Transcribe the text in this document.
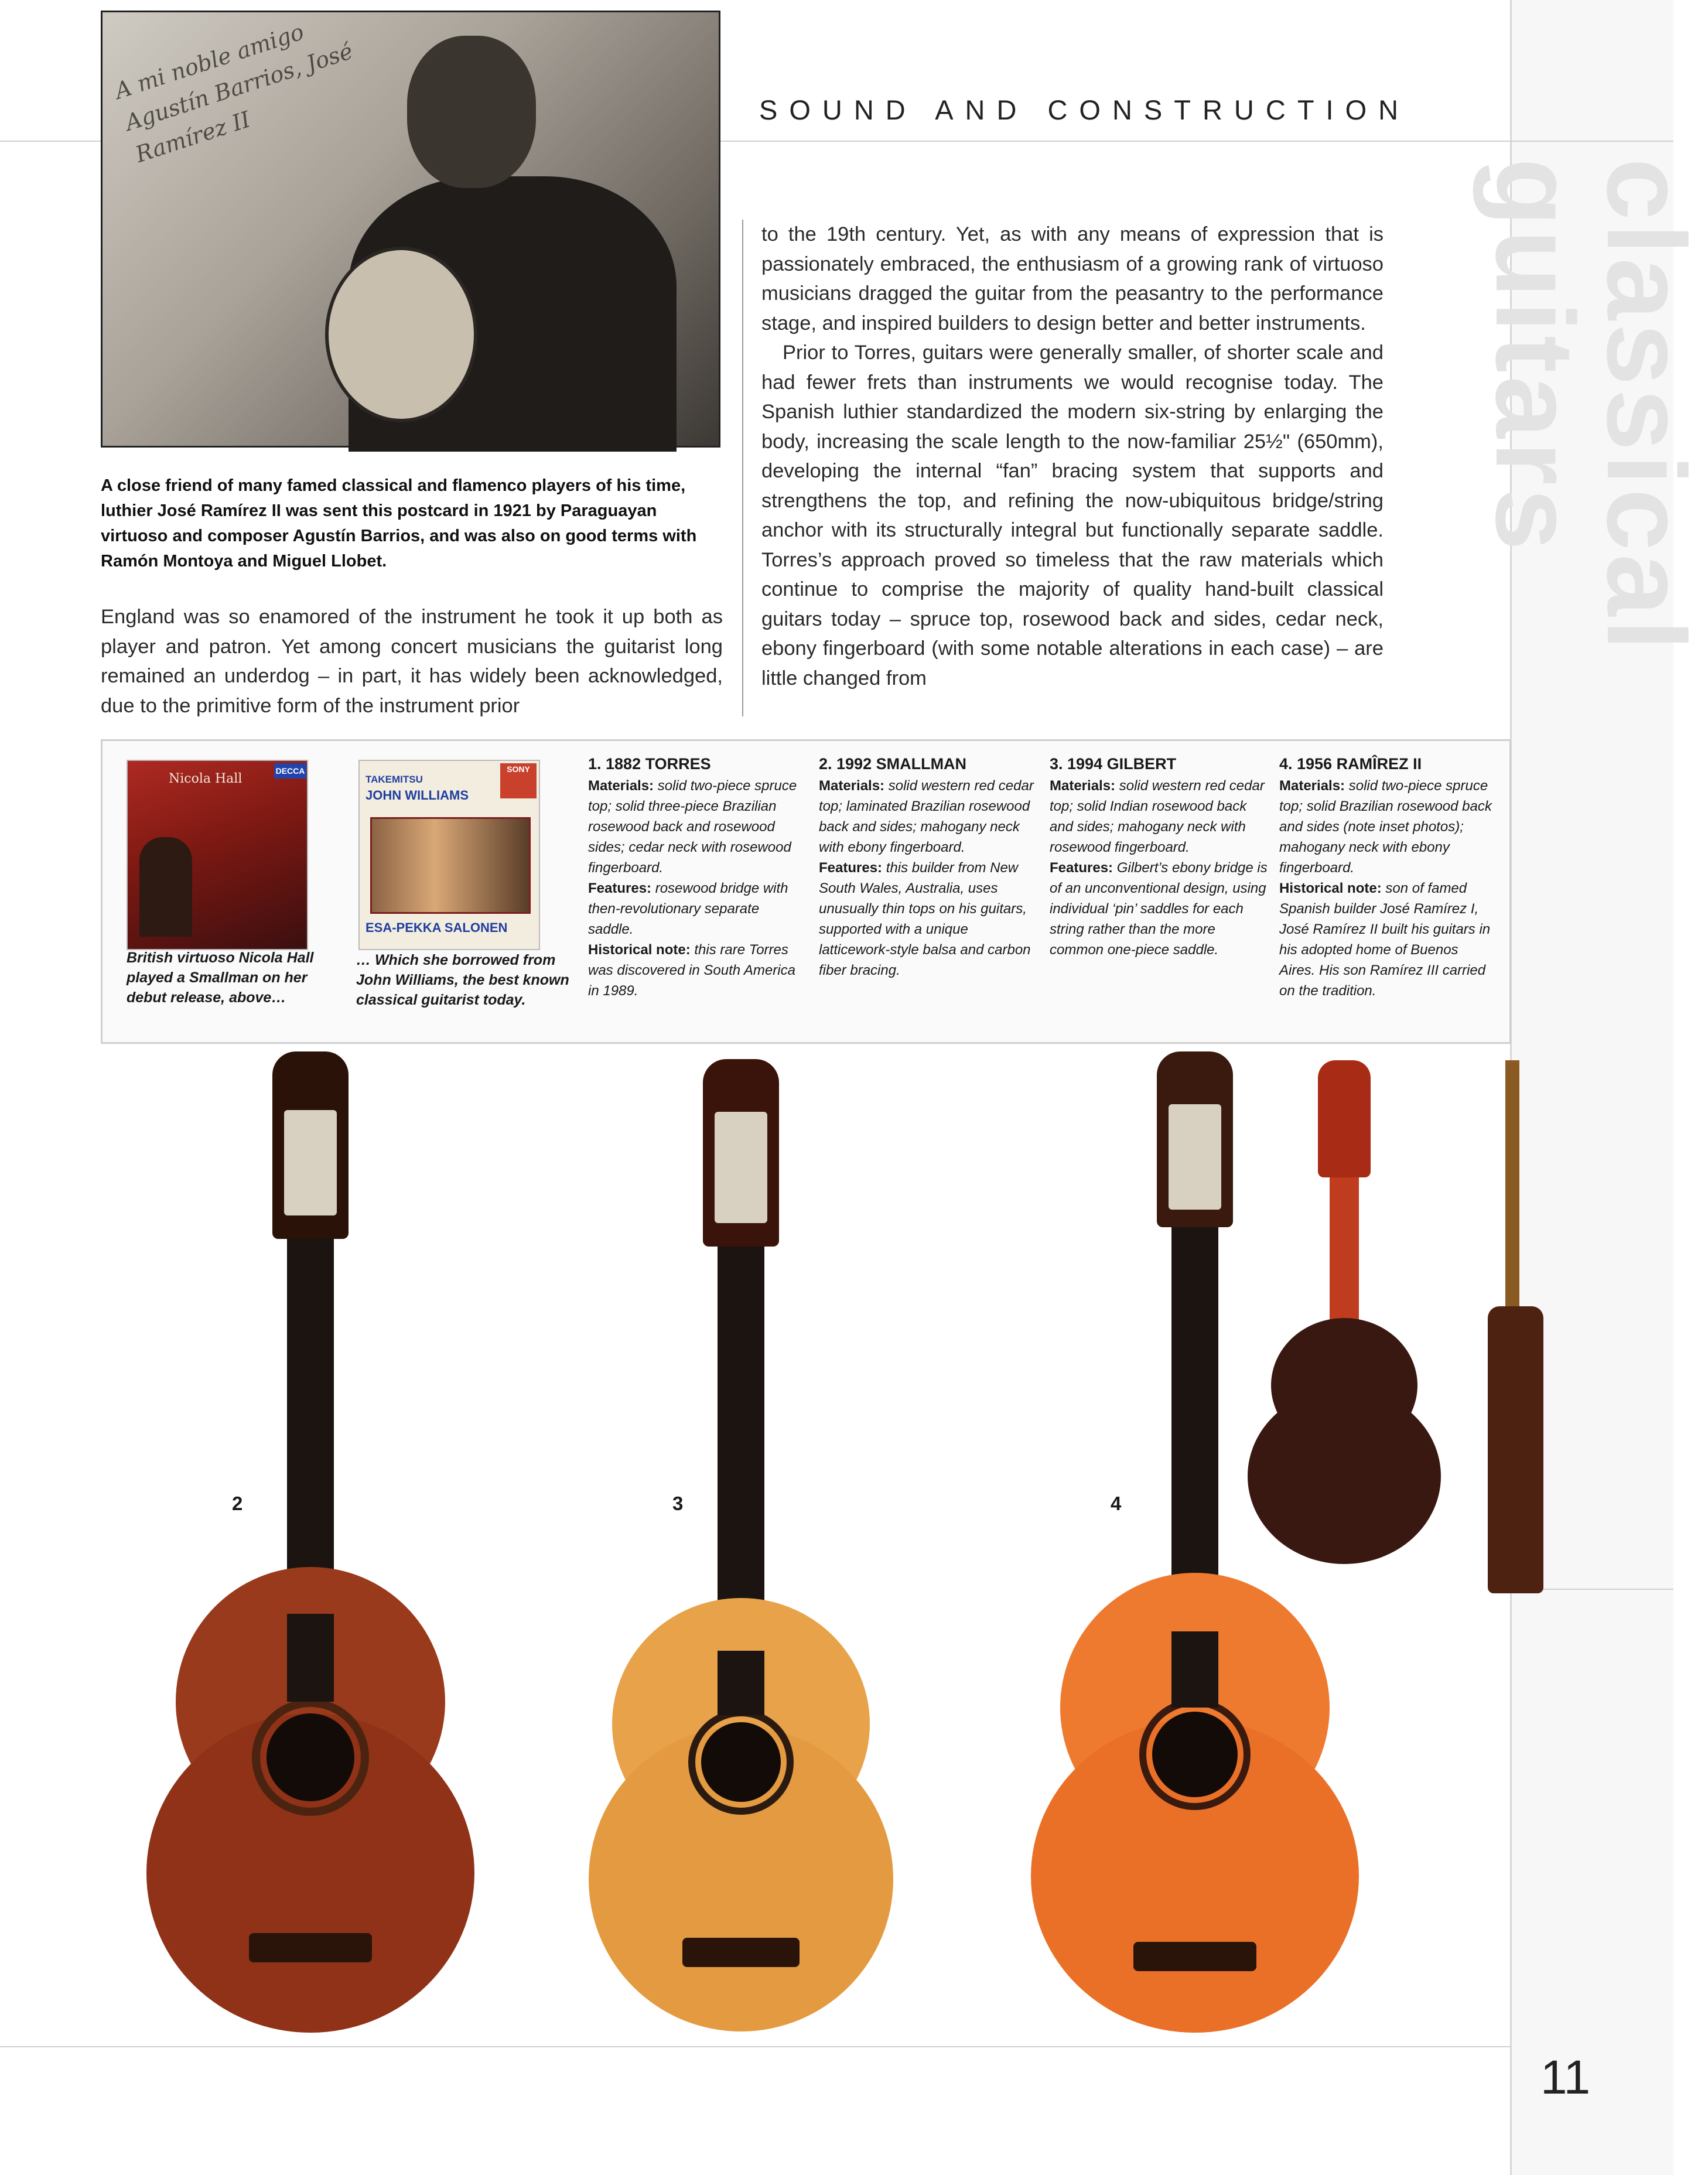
classical guitars
11
SOUND AND CONSTRUCTION
A mi noble amigo Agustín Barrios, José Ramírez II
A close friend of many famed classical and flamenco players of his time, luthier José Ramírez II was sent this postcard in 1921 by Paraguayan virtuoso and composer Agustín Barrios, and was also on good terms with Ramón Montoya and Miguel Llobet.

England was so enamored of the instrument he took it up both as player and patron. Yet among concert musicians the guitarist long remained an underdog – in part, it has widely been acknowledged, due to the primitive form of the instrument prior

to the 19th century. Yet, as with any means of expression that is passionately embraced, the enthusiasm of a growing rank of virtuoso musicians dragged the guitar from the peasantry to the performance stage, and inspired builders to design better and better instruments.

Prior to Torres, guitars were generally smaller, of shorter scale and had fewer frets than instruments we would recognise today. The Spanish luthier standardized the modern six-string by enlarging the body, increasing the scale length to the now-familiar 25½" (650mm), developing the internal “fan” bracing system that supports and strengthens the top, and refining the now-ubiquitous bridge/string anchor with its structurally integral but functionally separate saddle. Torres’s approach proved so timeless that the raw materials which continue to comprise the majority of quality hand-built classical guitars today – spruce top, rosewood back and sides, cedar neck, ebony fingerboard (with some notable alterations in each case) – are little changed from

Nicola Hall
DECCA
British virtuoso Nicola Hall played a Smallman on her debut release, above…
TAKEMITSU
JOHN WILLIAMS
SONY
ESA-PEKKA SALONEN
… Which she borrowed from John Williams, the best known classical guitarist today.
1. 1882 TORRES
Materials: solid two-piece spruce top; solid three-piece Brazilian rosewood back and rosewood sides; cedar neck with rosewood fingerboard.
Features: rosewood bridge with then-revolutionary separate saddle.
Historical note: this rare Torres was discovered in South America in 1989.
2. 1992 SMALLMAN
Materials: solid western red cedar top; laminated Brazilian rosewood back and sides; mahogany neck with ebony fingerboard.
Features: this builder from New South Wales, Australia, uses unusually thin tops on his guitars, supported with a unique latticework-style balsa and carbon fiber bracing.
3. 1994 GILBERT
Materials: solid western red cedar top; solid Indian rosewood back and sides; mahogany neck with rosewood fingerboard.
Features: Gilbert’s ebony bridge is of an unconventional design, using individual ‘pin’ saddles for each string rather than the more common one-piece saddle.
4. 1956 RAMÎREZ II
Materials: solid two-piece spruce top; solid Brazilian rosewood back and sides (note inset photos); mahogany neck with ebony fingerboard.
Historical note: son of famed Spanish builder José Ramírez I, José Ramírez II built his guitars in his adopted home of Buenos Aires. His son Ramírez III carried on the tradition.
2	3	4
